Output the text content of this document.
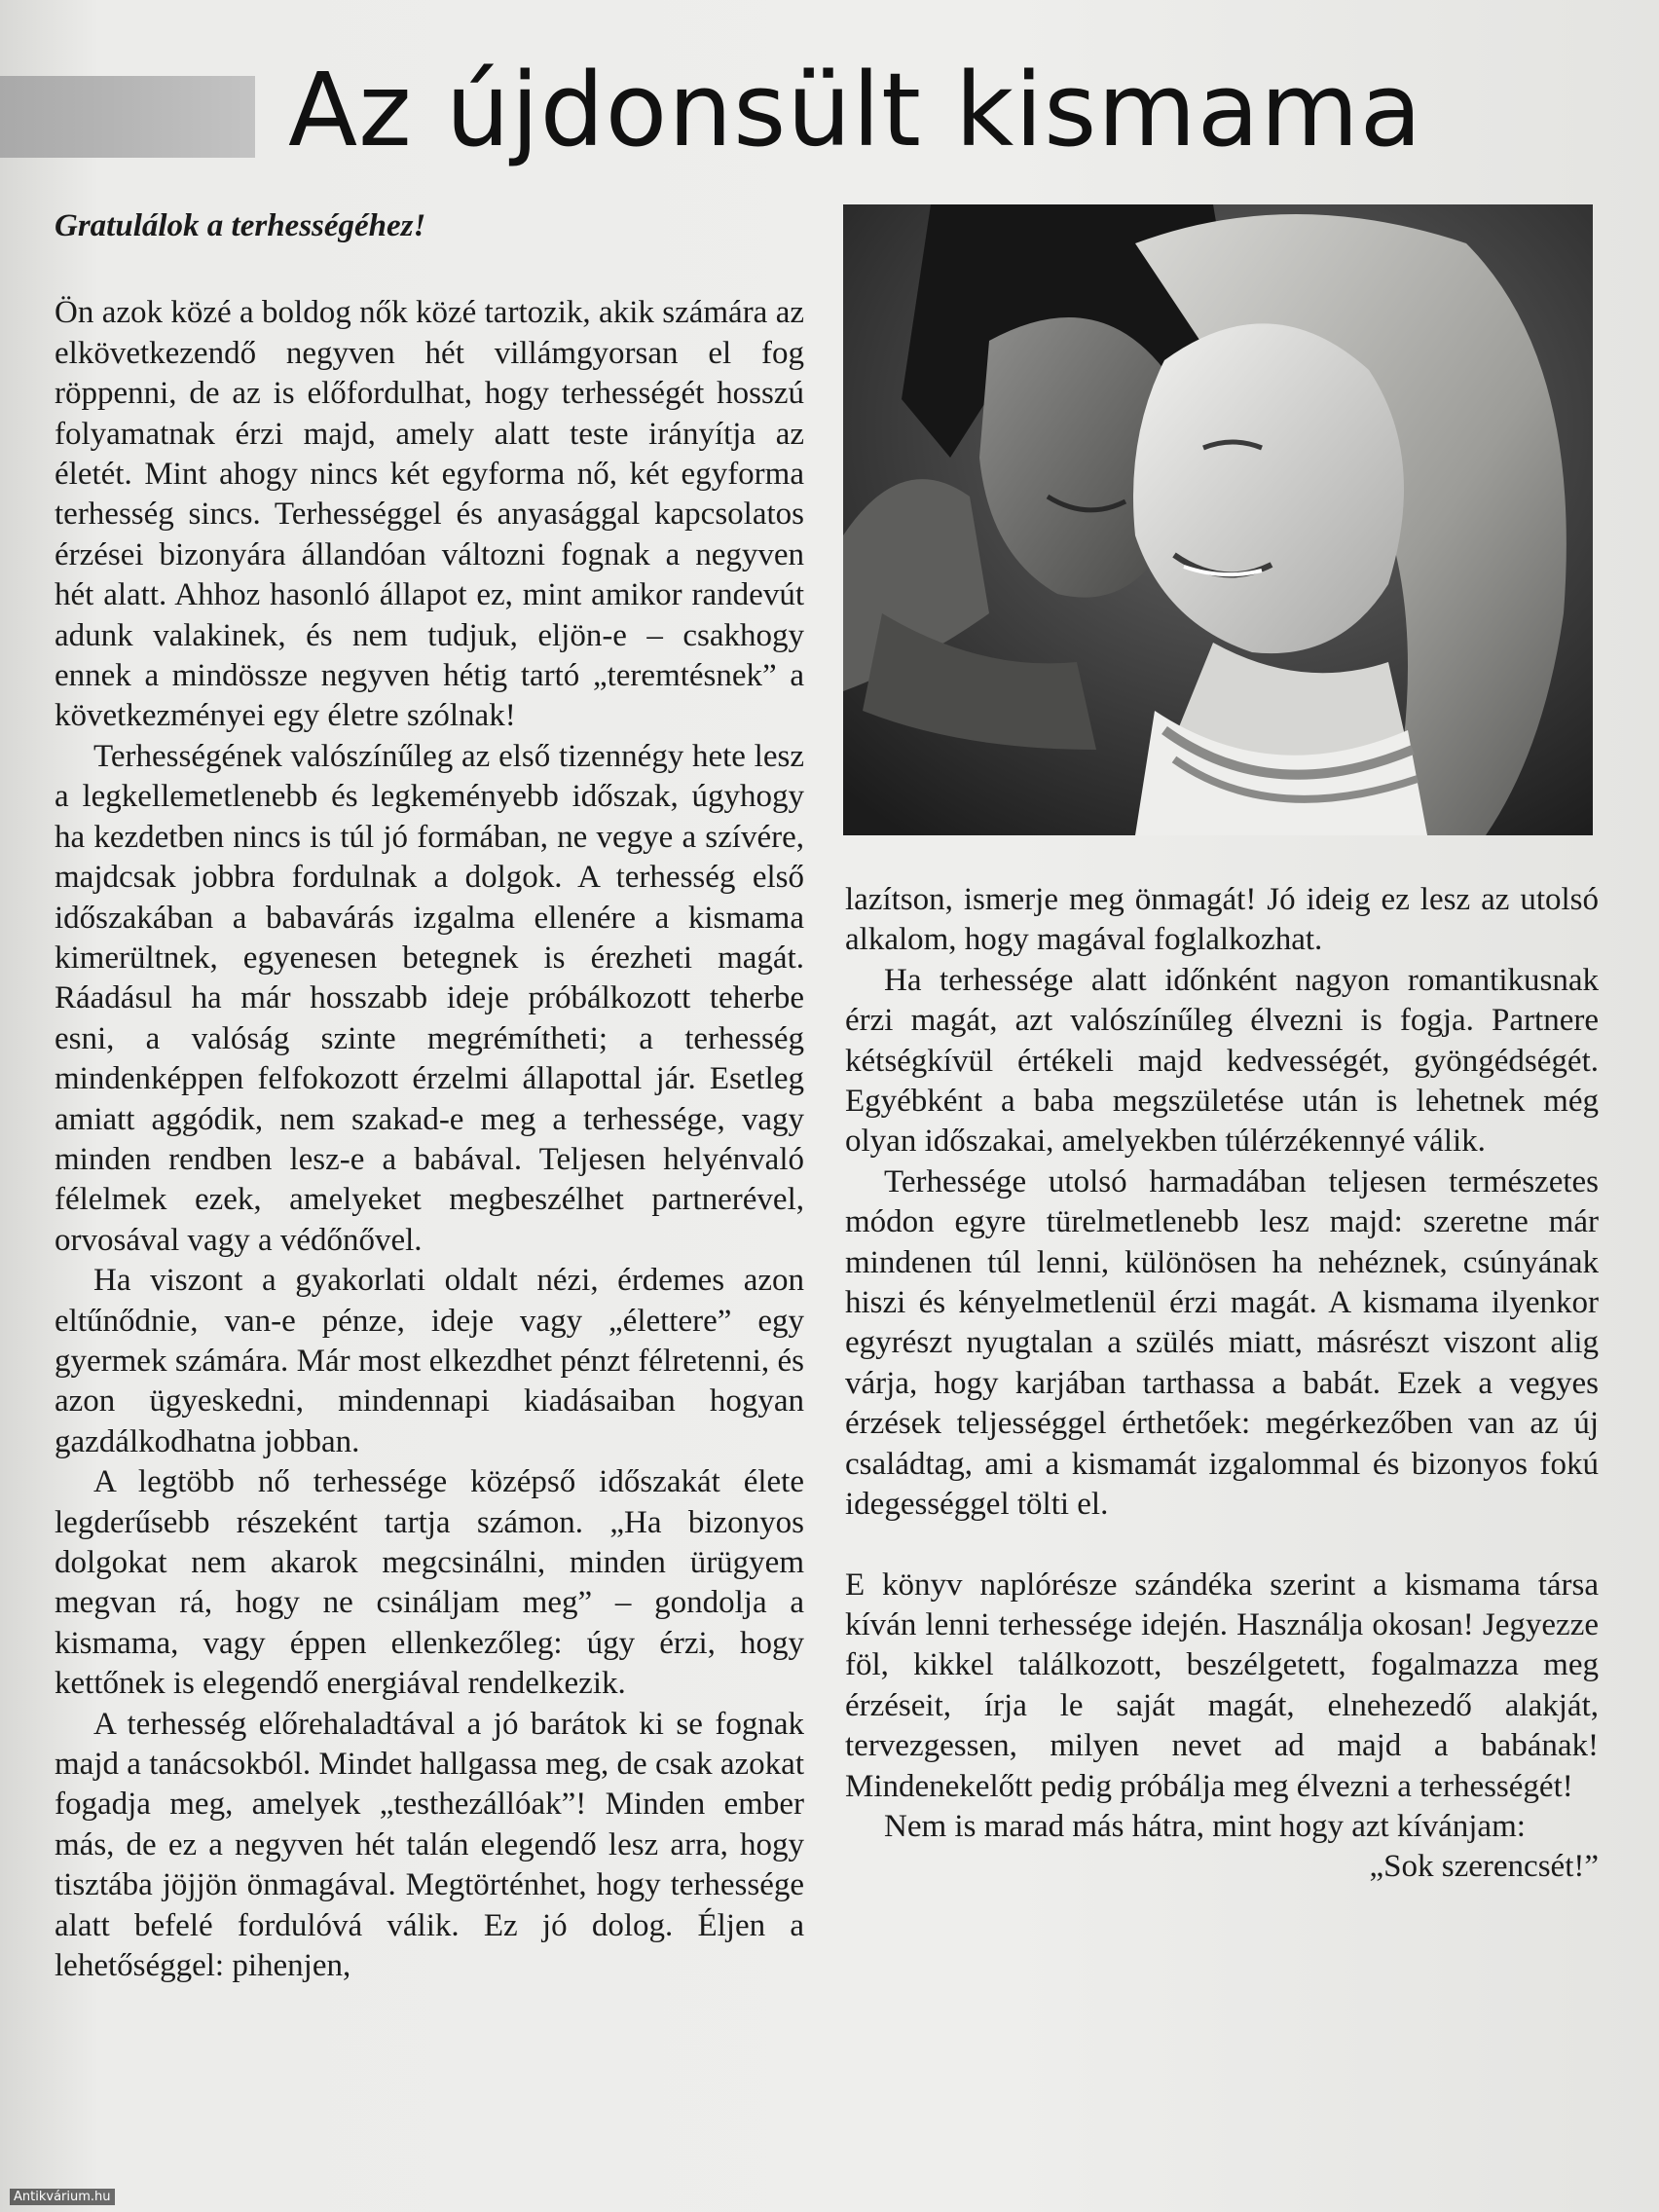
Az újdonsült kismama

Gratulálok a terhességéhez!

Ön azok közé a boldog nők közé tartozik, akik számára az elkövetkezendő negyven hét villámgyorsan el fog röppenni, de az is előfordulhat, hogy terhességét hosszú folyamatnak érzi majd, amely alatt teste irányítja az életét. Mint ahogy nincs két egyforma nő, két egyforma terhesség sincs. Terhességgel és anyasággal kapcsolatos érzései bizonyára állandóan változni fognak a negyven hét alatt. Ahhoz hasonló állapot ez, mint amikor randevút adunk valakinek, és nem tudjuk, eljön-e – csakhogy ennek a mindössze negyven hétig tartó „teremtésnek” a következményei egy életre szólnak!

Terhességének valószínűleg az első tizennégy hete lesz a legkellemetlenebb és legkeményebb időszak, úgyhogy ha kezdetben nincs is túl jó formában, ne vegye a szívére, majdcsak jobbra fordulnak a dolgok. A terhesség első időszakában a babavárás izgalma ellenére a kismama kimerültnek, egyenesen betegnek is érezheti magát. Ráadásul ha már hosszabb ideje próbálkozott teherbe esni, a valóság szinte megrémítheti; a terhesség mindenképpen felfokozott érzelmi állapottal jár. Esetleg amiatt aggódik, nem szakad-e meg a terhessége, vagy minden rendben lesz-e a babával. Teljesen helyénvaló félelmek ezek, amelyeket megbeszélhet partnerével, orvosával vagy a védőnővel.

Ha viszont a gyakorlati oldalt nézi, érdemes azon eltűnődnie, van-e pénze, ideje vagy „élettere” egy gyermek számára. Már most elkezdhet pénzt félretenni, és azon ügyeskedni, mindennapi kiadásaiban hogyan gazdálkodhatna jobban.

A legtöbb nő terhessége középső időszakát élete legderűsebb részeként tartja számon. „Ha bizonyos dolgokat nem akarok megcsinálni, minden ürügyem megvan rá, hogy ne csináljam meg” – gondolja a kismama, vagy éppen ellenkezőleg: úgy érzi, hogy kettőnek is elegendő energiával rendelkezik.

A terhesség előrehaladtával a jó barátok ki se fognak majd a tanácsokból. Mindet hallgassa meg, de csak azokat fogadja meg, amelyek „testhezállóak”! Minden ember más, de ez a negyven hét talán elegendő lesz arra, hogy tisztába jöjjön önmagával. Megtörténhet, hogy terhessége alatt befelé fordulóvá válik. Ez jó dolog. Éljen a lehetőséggel: pihenjen,

lazítson, ismerje meg önmagát! Jó ideig ez lesz az utolsó alkalom, hogy magával foglalkozhat.

Ha terhessége alatt időnként nagyon romantikusnak érzi magát, azt valószínűleg élvezni is fogja. Partnere kétségkívül értékeli majd kedvességét, gyöngédségét. Egyébként a baba megszületése után is lehetnek még olyan időszakai, amelyekben túlérzékennyé válik.

Terhessége utolsó harmadában teljesen természetes módon egyre türelmetlenebb lesz majd: szeretne már mindenen túl lenni, különösen ha nehéznek, csúnyának hiszi és kényelmetlenül érzi magát. A kismama ilyenkor egyrészt nyugtalan a szülés miatt, másrészt viszont alig várja, hogy karjában tarthassa a babát. Ezek a vegyes érzések teljességgel érthetőek: megérkezőben van az új családtag, ami a kismamát izgalommal és bizonyos fokú idegességgel tölti el.

E könyv naplórésze szándéka szerint a kismama társa kíván lenni terhessége idején. Használja okosan! Jegyezze föl, kikkel találkozott, beszélgetett, fogalmazza meg érzéseit, írja le saját magát, elnehezedő alakját, tervezgessen, milyen nevet ad majd a babának! Mindenekelőtt pedig próbálja meg élvezni a terhességét!

Nem is marad más hátra, mint hogy azt kívánjam:

„Sok szerencsét!”

Antikvárium.hu
